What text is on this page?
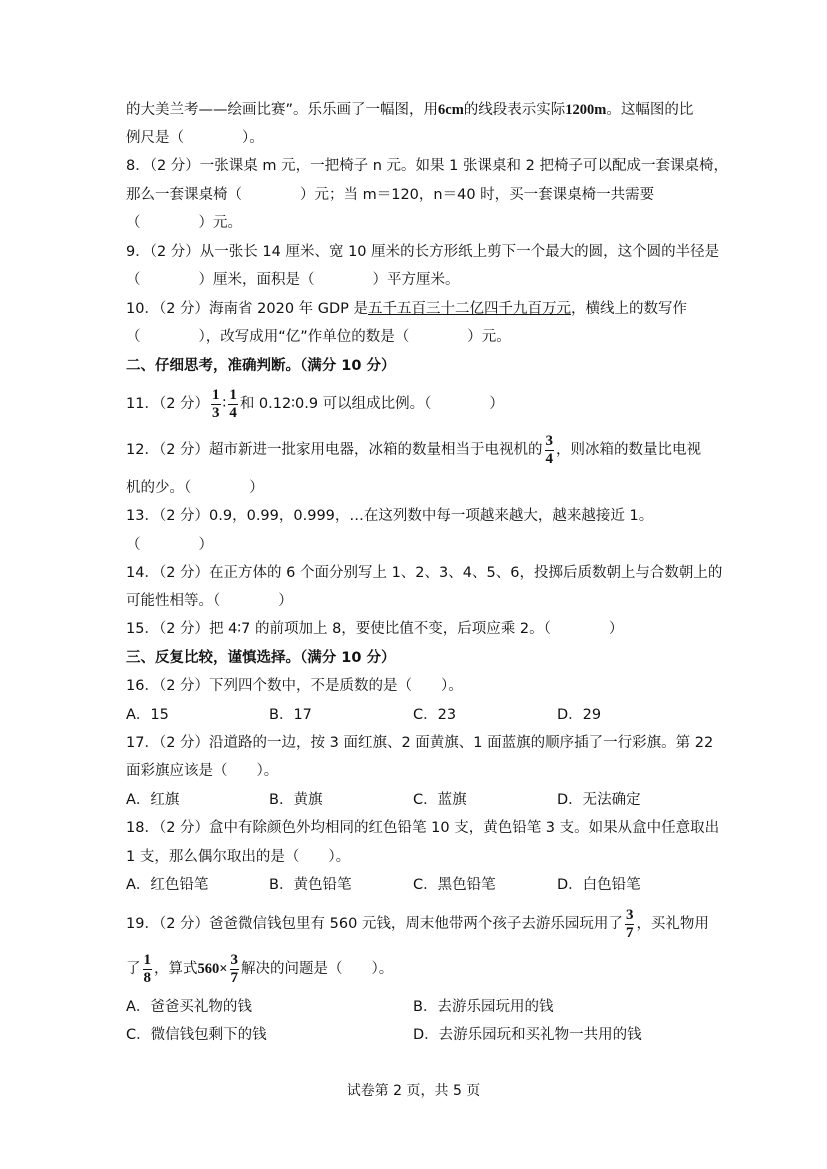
的大美兰考——绘画比赛”。乐乐画了一幅图，用6cm的线段表示实际1200m。这幅图的比
例尺是（　　　　）。
8．（2 分）一张课桌 m 元，一把椅子 n 元。如果 1 张课桌和 2 把椅子可以配成一套课桌椅，
那么一套课桌椅（　　　　）元；当 m＝120，n＝40 时，买一套课桌椅一共需要
（　　　　）元。
9．（2 分）从一张长 14 厘米、宽 10 厘米的长方形纸上剪下一个最大的圆，这个圆的半径是
（　　　　）厘米，面积是（　　　　）平方厘米。
10．（2 分）海南省 2020 年 GDP 是五千五百三十二亿四千九百万元，横线上的数写作
（　　　　），改写成用“亿”作单位的数是（　　　　）元。
二、仔细思考，准确判断。（满分 10 分）
11．（2 分） $\frac{1}{3}$ ∶ $\frac{1}{4}$ 和 0.12∶0.9 可以组成比例。（　　　　）
12．（2 分）超市新进一批家用电器，冰箱的数量相当于电视机的 $\frac{3}{4}$ ，则冰箱的数量比电视
机的少。（　　　　）
13．（2 分）0.9，0.99，0.999，…在这列数中每一项越来越大，越来越接近 1。
（　　　　）
14．（2 分）在正方体的 6 个面分别写上 1、2、3、4、5、6，投掷后质数朝上与合数朝上的
可能性相等。（　　　　）
15．（2 分）把 4∶7 的前项加上 8，要使比值不变，后项应乘 2。（　　　　）
三、反复比较，谨慎选择。（满分 10 分）
16．（2 分）下列四个数中，不是质数的是（　　）。
A．15	B．17	C．23	D．29
17．（2 分）沿道路的一边，按 3 面红旗、2 面黄旗、1 面蓝旗的顺序插了一行彩旗。第 22
面彩旗应该是（　　）。
A．红旗	B．黄旗	C．蓝旗	D．无法确定
18．（2 分）盒中有除颜色外均相同的红色铅笔 10 支，黄色铅笔 3 支。如果从盒中任意取出
1 支，那么偶尔取出的是（　　）。
A．红色铅笔	B．黄色铅笔	C．黑色铅笔	D．白色铅笔
19．（2 分）爸爸微信钱包里有 560 元钱，周末他带两个孩子去游乐园玩用了 $\frac{3}{7}$ ，买礼物用
了 $\frac{1}{8}$ ，算式$560\times \frac{3}{7}$ 解决的问题是（　　）。
A．爸爸买礼物的钱	B．去游乐园玩用的钱
C．微信钱包剩下的钱	D．去游乐园玩和买礼物一共用的钱
试卷第 2 页，共 5 页
